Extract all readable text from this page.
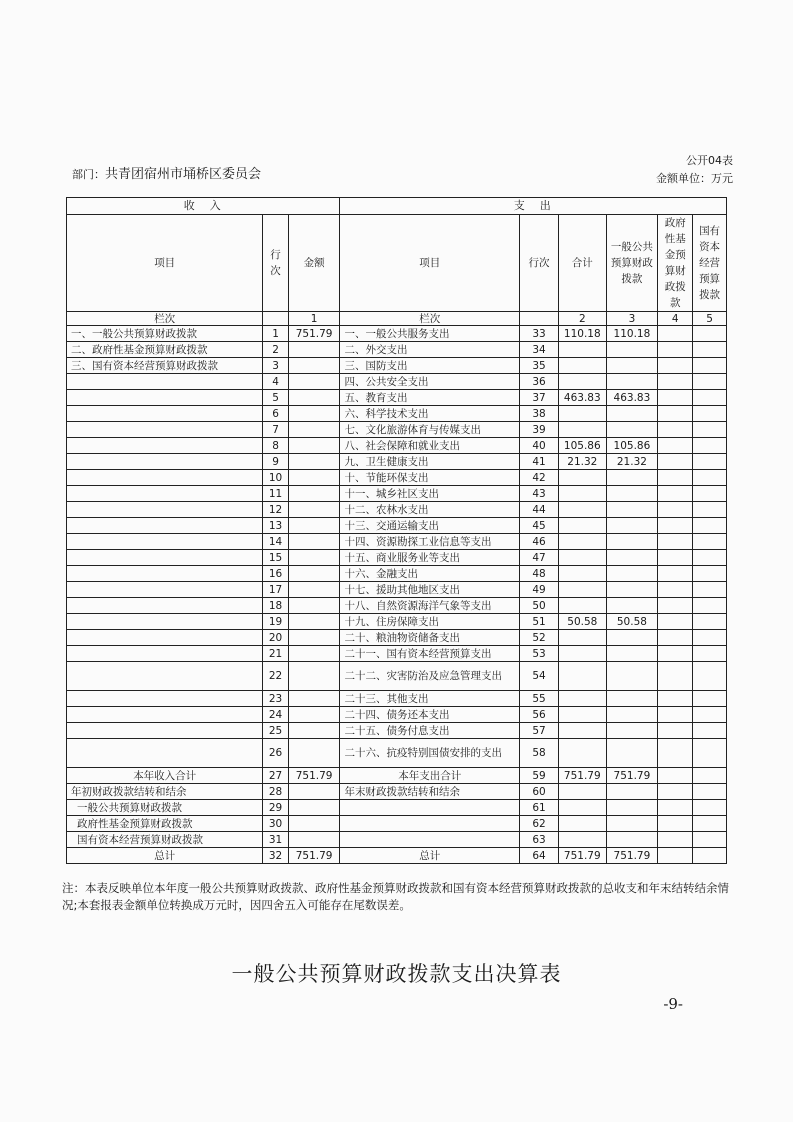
公开04表
金额单位：万元
部门：共青团宿州市埇桥区委员会
收　入			支　出					
项目	行次	金额	项目	行次	合计	一般公共预算财政拨款	政府性基金预算财政拨款	国有资本经营预算拨款
栏次		1	栏次		2	3	4	5
一、一般公共预算财政拨款	1	751.79	一、一般公共服务支出	33	110.18	110.18		
二、政府性基金预算财政拨款	2		二、外交支出	34				
三、国有资本经营预算财政拨款	3		三、国防支出	35				
	4		四、公共安全支出	36				
	5		五、教育支出	37	463.83	463.83		
	6		六、科学技术支出	38				
	7		七、文化旅游体育与传媒支出	39				
	8		八、社会保障和就业支出	40	105.86	105.86		
	9		九、卫生健康支出	41	21.32	21.32		
	10		十、节能环保支出	42				
	11		十一、城乡社区支出	43				
	12		十二、农林水支出	44				
	13		十三、交通运输支出	45				
	14		十四、资源勘探工业信息等支出	46				
	15		十五、商业服务业等支出	47				
	16		十六、金融支出	48				
	17		十七、援助其他地区支出	49				
	18		十八、自然资源海洋气象等支出	50				
	19		十九、住房保障支出	51	50.58	50.58		
	20		二十、粮油物资储备支出	52				
	21		二十一、国有资本经营预算支出	53				
	22		二十二、灾害防治及应急管理支出	54				
	23		二十三、其他支出	55				
	24		二十四、债务还本支出	56				
	25		二十五、债务付息支出	57				
	26		二十六、抗疫特别国债安排的支出	58				
本年收入合计	27	751.79	本年支出合计	59	751.79	751.79		
年初财政拨款结转和结余	28		年末财政拨款结转和结余	60				
一般公共预算财政拨款	29			61				
政府性基金预算财政拨款	30			62				
国有资本经营预算财政拨款	31			63				
总计	32	751.79	总计	64	751.79	751.79		
注：本表反映单位本年度一般公共预算财政拨款、政府性基金预算财政拨款和国有资本经营预算财政拨款的总收支和年末结转结余情况;本套报表金额单位转换成万元时，因四舍五入可能存在尾数误差。
一般公共预算财政拨款支出决算表
-9-
